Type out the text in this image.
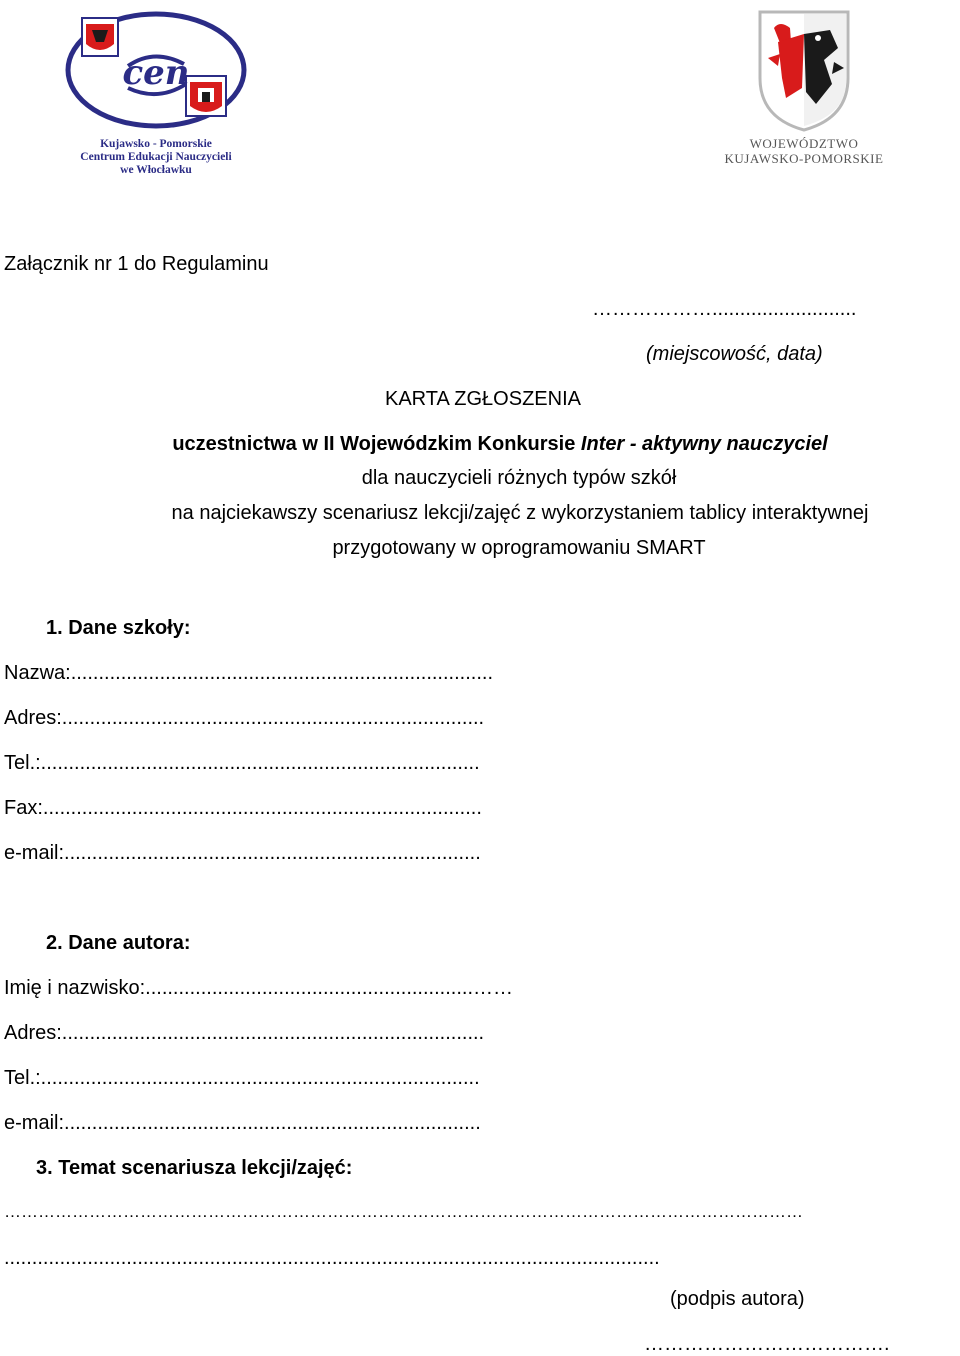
cen
Kujawsko - Pomorskie
Centrum Edukacji Nauczycieli
we Włocławku
WOJEWÓDZTWO
KUJAWSKO-POMORSKIE
Załącznik nr 1 do Regulaminu
………………..........................
(miejscowość, data)
KARTA ZGŁOSZENIA
uczestnictwa w II Wojewódzkim Konkursie Inter - aktywny nauczyciel
dla nauczycieli różnych typów szkół
na najciekawszy scenariusz lekcji/zajęć z wykorzystaniem tablicy interaktywnej
przygotowany w oprogramowaniu SMART
1. Dane szkoły:
Nazwa:............................................................................
Adres:............................................................................
Tel.:...............................................................................
Fax:...............................................................................
e-mail:...........................................................................
2. Dane autora:
Imię i nazwisko:...........................................................……
Adres:............................................................................
Tel.:...............................................................................
e-mail:...........................................................................
3. Temat scenariusza lekcji/zajęć:
……………………………………………………………………………………………………………………………
......................................................................................................................
(podpis autora)
……………………………….
